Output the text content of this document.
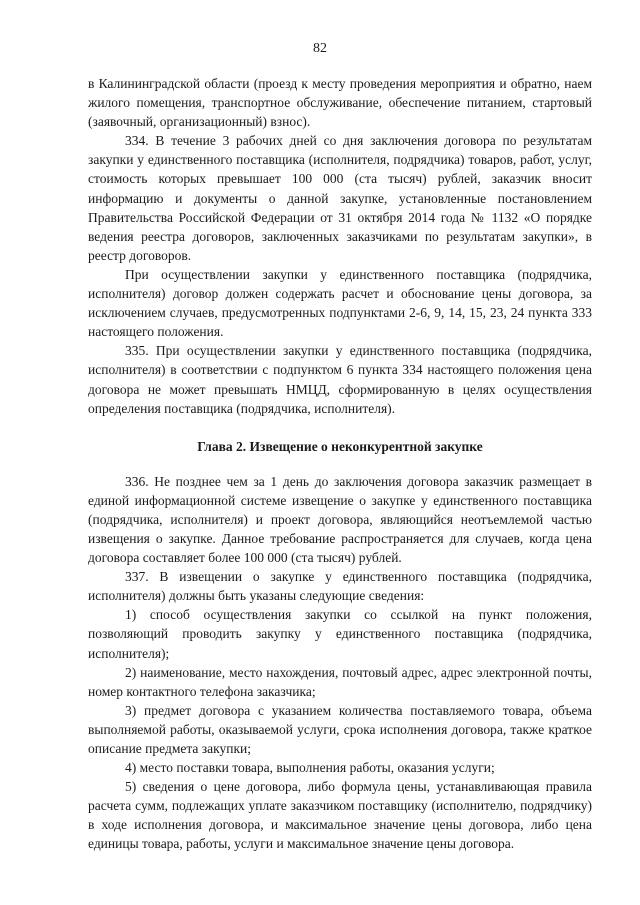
82

в Калининградской области (проезд к месту проведения мероприятия и обратно, наем жилого помещения, транспортное обслуживание, обеспечение питанием, стартовый (заявочный, организационный) взнос).

334. В течение 3 рабочих дней со дня заключения договора по результатам закупки у единственного поставщика (исполнителя, подрядчика) товаров, работ, услуг, стоимость которых превышает 100 000 (ста тысяч) рублей, заказчик вносит информацию и документы о данной закупке, установленные постановлением Правительства Российской Федерации от 31 октября 2014 года № 1132 «О порядке ведения реестра договоров, заключенных заказчиками по результатам закупки», в реестр договоров.

При осуществлении закупки у единственного поставщика (подрядчика, исполнителя) договор должен содержать расчет и обоснование цены договора, за исключением случаев, предусмотренных подпунктами 2-6, 9, 14, 15, 23, 24 пункта 333 настоящего положения.

335. При осуществлении закупки у единственного поставщика (подрядчика, исполнителя) в соответствии с подпунктом 6 пункта 334 настоящего положения цена договора не может превышать НМЦД, сформированную в целях осуществления определения поставщика (подрядчика, исполнителя).

Глава 2. Извещение о неконкурентной закупке

336. Не позднее чем за 1 день до заключения договора заказчик размещает в единой информационной системе извещение о закупке у единственного поставщика (подрядчика, исполнителя) и проект договора, являющийся неотъемлемой частью извещения о закупке. Данное требование распространяется для случаев, когда цена договора составляет более 100 000 (ста тысяч) рублей.

337. В извещении о закупке у единственного поставщика (подрядчика, исполнителя) должны быть указаны следующие сведения:

1) способ осуществления закупки со ссылкой на пункт положения, позволяющий проводить закупку у единственного поставщика (подрядчика, исполнителя);

2) наименование, место нахождения, почтовый адрес, адрес электронной почты, номер контактного телефона заказчика;

3) предмет договора с указанием количества поставляемого товара, объема выполняемой работы, оказываемой услуги, срока исполнения договора, также краткое описание предмета закупки;

4) место поставки товара, выполнения работы, оказания услуги;

5) сведения о цене договора, либо формула цены, устанавливающая правила расчета сумм, подлежащих уплате заказчиком поставщику (исполнителю, подрядчику) в ходе исполнения договора, и максимальное значение цены договора, либо цена единицы товара, работы, услуги и максимальное значение цены договора.
